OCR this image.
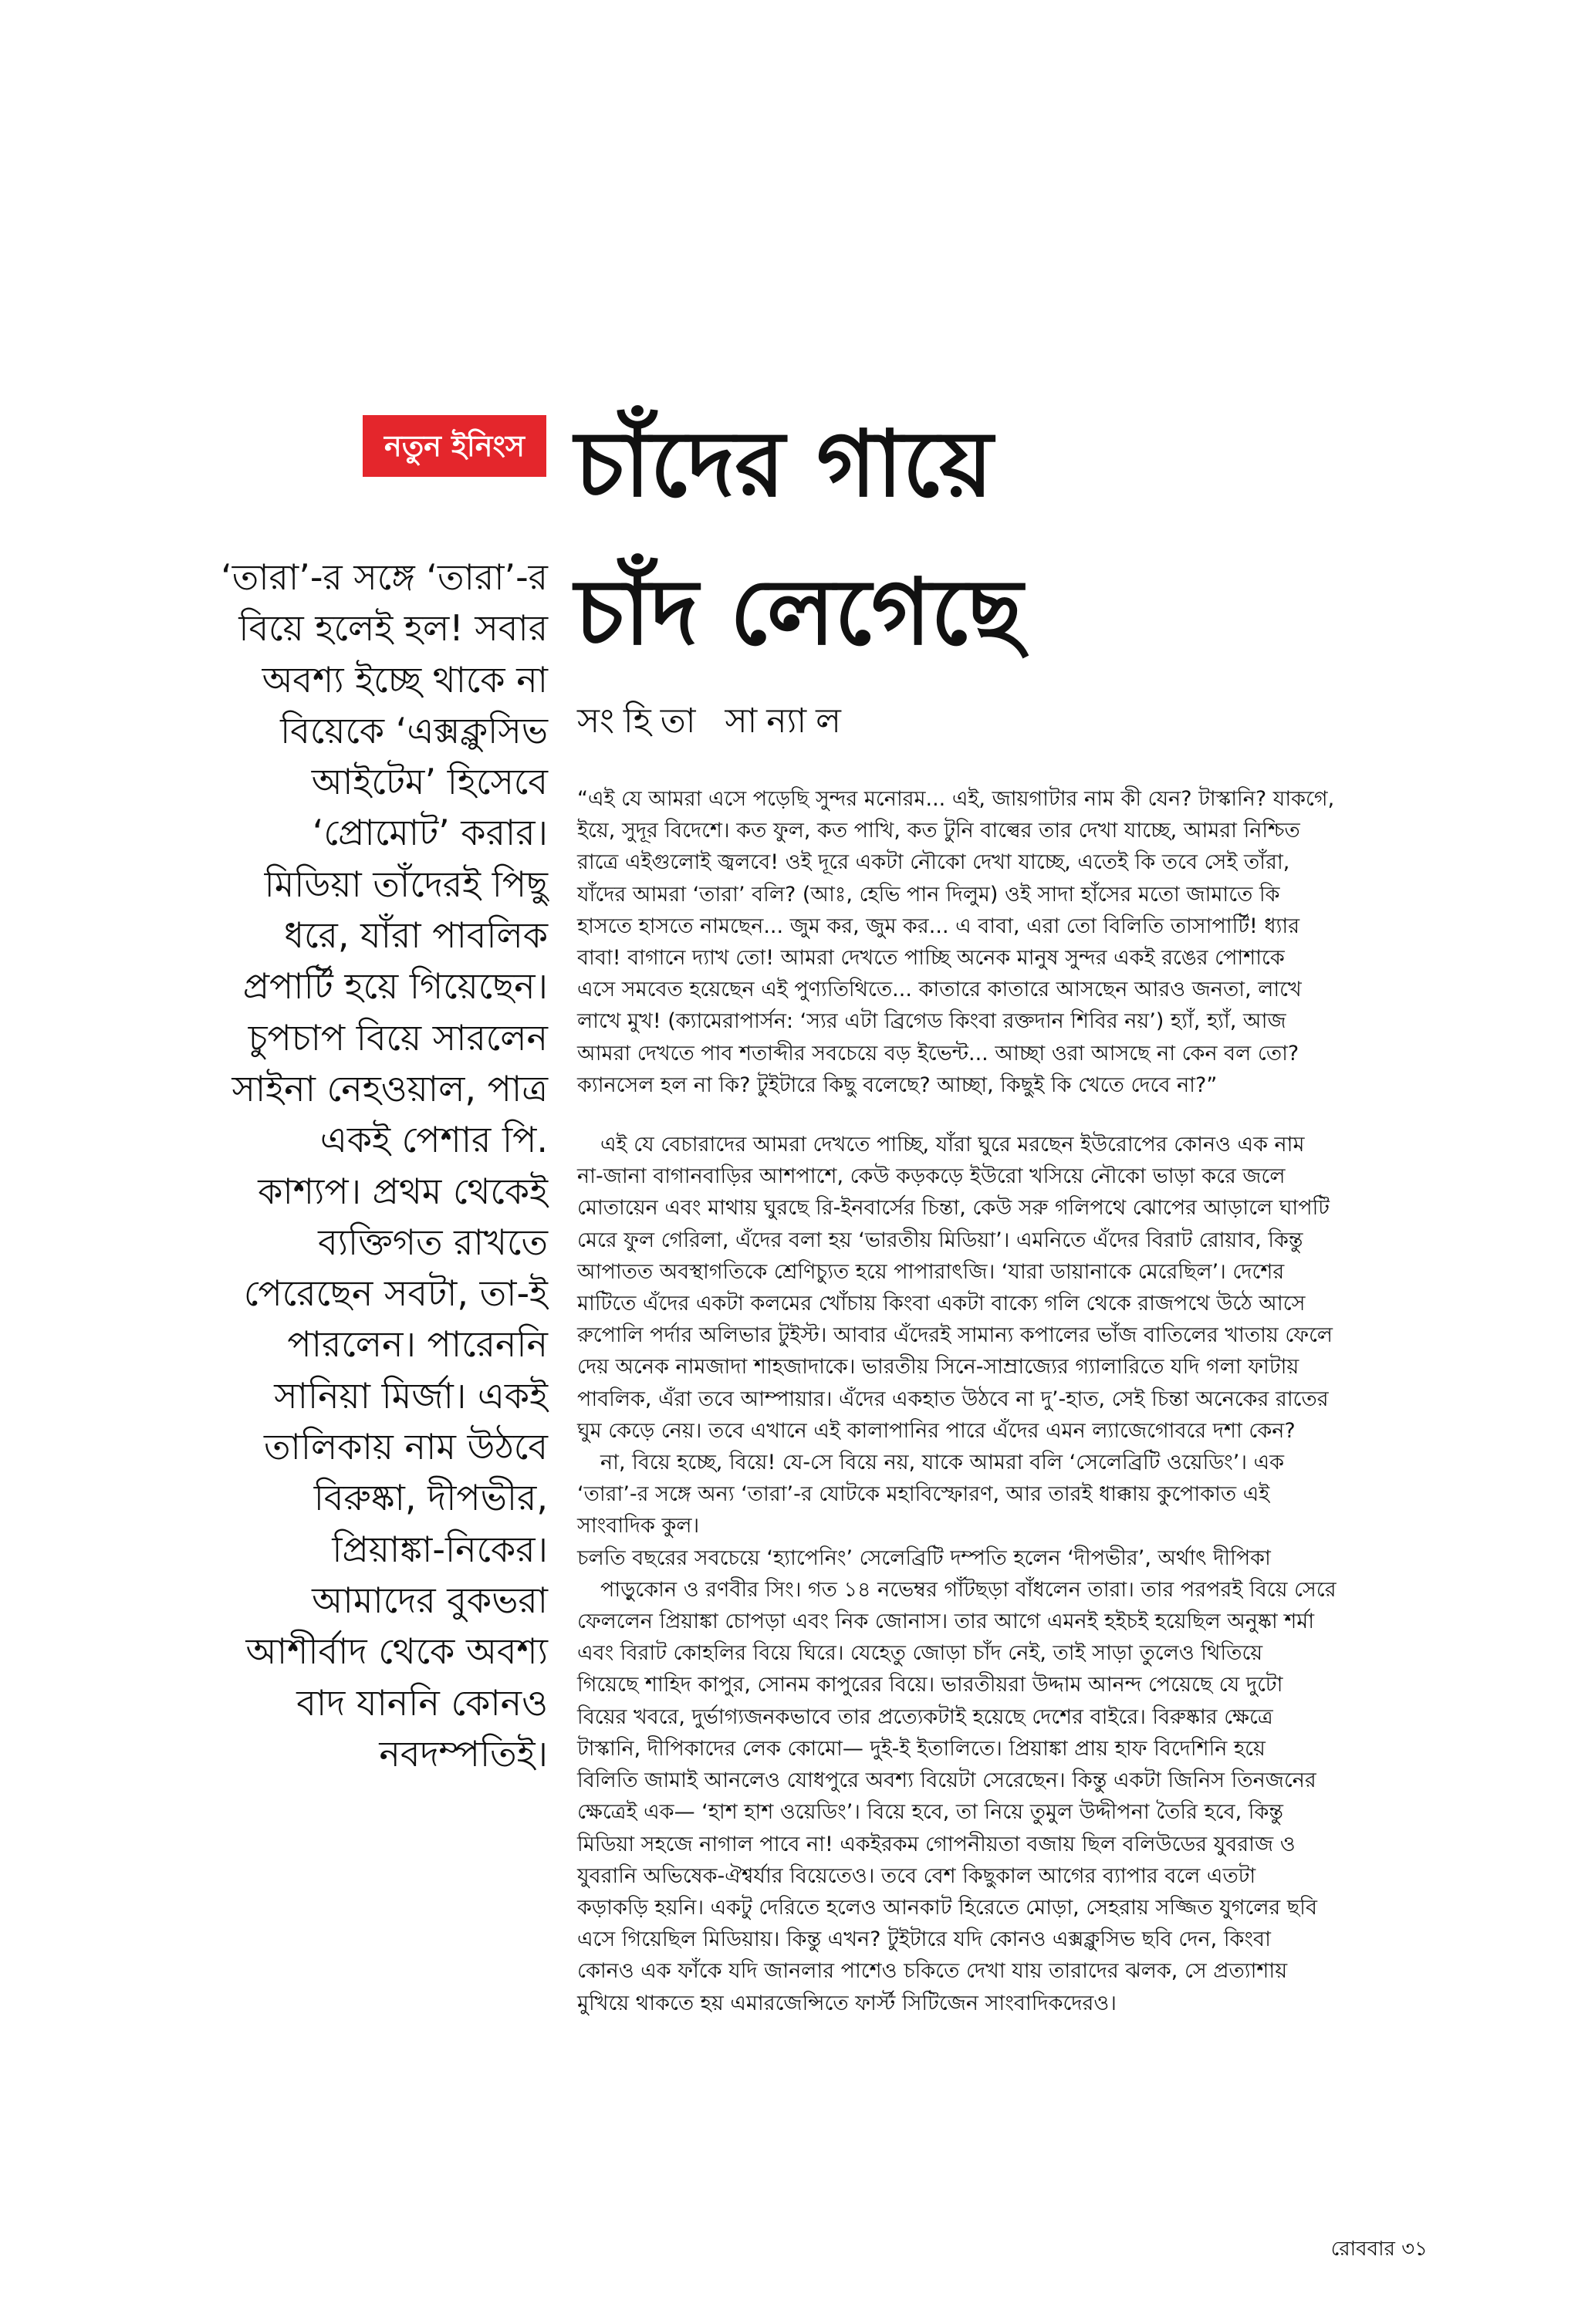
নতুন ইনিংস চাঁদের গায়ে
চাঁদ লেগেছে
সংহিতা সান্যাল
‘তারা’-র সঙ্গে ‘তারা’-র
বিয়ে হলেই হল! সবার
অবশ্য ইচ্ছে থাকে না
বিয়েকে ‘এক্সক্লুসিভ
আইটেম’ হিসেবে
‘প্রোমোট’ করার।
মিডিয়া তাঁদেরই পিছু
ধরে, যাঁরা পাবলিক
প্রপার্টি হয়ে গিয়েছেন।
চুপচাপ বিয়ে সারলেন
সাইনা নেহওয়াল, পাত্র
একই পেশার পি.
কাশ্যপ। প্রথম থেকেই
ব্যক্তিগত রাখতে
পেরেছেন সবটা, তা-ই
পারলেন। পারেননি
সানিয়া মির্জা। একই
তালিকায় নাম উঠবে
বিরুষ্কা, দীপভীর,
প্রিয়াঙ্কা-নিকের।
আমাদের বুকভরা
আশীর্বাদ থেকে অবশ্য
বাদ যাননি কোনও
নবদম্পতিই।
“এই যে আমরা এসে পড়েছি সুন্দর মনোরম... এই, জায়গাটার নাম কী যেন? টাস্কানি? যাকগে,
ইয়ে, সুদূর বিদেশে। কত ফুল, কত পাখি, কত টুনি বাল্বের তার দেখা যাচ্ছে, আমরা নিশ্চিত
রাত্রে এইগুলোই জ্বলবে! ওই দূরে একটা নৌকো দেখা যাচ্ছে, এতেই কি তবে সেই তাঁরা,
যাঁদের আমরা ‘তারা’ বলি? (আঃ, হেভি পান দিলুম) ওই সাদা হাঁসের মতো জামাতে কি
হাসতে হাসতে নামছেন... জুম কর, জুম কর... এ বাবা, এরা তো বিলিতি তাসাপার্টি! ধ্যার
বাবা! বাগানে দ্যাখ তো! আমরা দেখতে পাচ্ছি অনেক মানুষ সুন্দর একই রঙের পোশাকে
এসে সমবেত হয়েছেন এই পুণ্যতিথিতে... কাতারে কাতারে আসছেন আরও জনতা, লাখে
লাখে মুখ! (ক্যামেরাপার্সন: ‘স্যর এটা ব্রিগেড কিংবা রক্তদান শিবির নয়’) হ্যাঁ, হ্যাঁ, আজ
আমরা দেখতে পাব শতাব্দীর সবচেয়ে বড় ইভেন্ট... আচ্ছা ওরা আসছে না কেন বল তো?
ক্যানসেল হল না কি? টুইটারে কিছু বলেছে? আচ্ছা, কিছুই কি খেতে দেবে না?”
এই যে বেচারাদের আমরা দেখতে পাচ্ছি, যাঁরা ঘুরে মরছেন ইউরোপের কোনও এক নাম
না-জানা বাগানবাড়ির আশপাশে, কেউ কড়কড়ে ইউরো খসিয়ে নৌকো ভাড়া করে জলে
মোতায়েন এবং মাথায় ঘুরছে রি-ইনবার্সের চিন্তা, কেউ সরু গলিপথে ঝোপের আড়ালে ঘাপটি
মেরে ফুল গেরিলা, এঁদের বলা হয় ‘ভারতীয় মিডিয়া’। এমনিতে এঁদের বিরাট রোয়াব, কিন্তু
আপাতত অবস্থাগতিকে শ্রেণিচ্যুত হয়ে পাপারাৎজি। ‘যারা ডায়ানাকে মেরেছিল’। দেশের
মাটিতে এঁদের একটা কলমের খোঁচায় কিংবা একটা বাক্যে গলি থেকে রাজপথে উঠে আসে
রুপোলি পর্দার অলিভার টুইস্ট। আবার এঁদেরই সামান্য কপালের ভাঁজ বাতিলের খাতায় ফেলে
দেয় অনেক নামজাদা শাহজাদাকে। ভারতীয় সিনে-সাম্রাজ্যের গ্যালারিতে যদি গলা ফাটায়
পাবলিক, এঁরা তবে আম্পায়ার। এঁদের একহাত উঠবে না দু’-হাত, সেই চিন্তা অনেকের রাতের
ঘুম কেড়ে নেয়। তবে এখানে এই কালাপানির পারে এঁদের এমন ল্যাজেগোবরে দশা কেন?
না, বিয়ে হচ্ছে, বিয়ে! যে-সে বিয়ে নয়, যাকে আমরা বলি ‘সেলেব্রিটি ওয়েডিং’। এক
‘তারা’-র সঙ্গে অন্য ‘তারা’-র যোটকে মহাবিস্ফোরণ, আর তারই ধাক্কায় কুপোকাত এই
সাংবাদিক কুল।
চলতি বছরের সবচেয়ে ‘হ্যাপেনিং’ সেলেব্রিটি দম্পতি হলেন ‘দীপভীর’, অর্থাৎ দীপিকা
পাড়ুকোন ও রণবীর সিং। গত ১৪ নভেম্বর গাঁটছড়া বাঁধলেন তারা। তার পরপরই বিয়ে সেরে
ফেললেন প্রিয়াঙ্কা চোপড়া এবং নিক জোনাস। তার আগে এমনই হইচই হয়েছিল অনুষ্কা শর্মা
এবং বিরাট কোহলির বিয়ে ঘিরে। যেহেতু জোড়া চাঁদ নেই, তাই সাড়া তুলেও থিতিয়ে
গিয়েছে শাহিদ কাপুর, সোনম কাপুরের বিয়ে। ভারতীয়রা উদ্দাম আনন্দ পেয়েছে যে দুটো
বিয়ের খবরে, দুর্ভাগ্যজনকভাবে তার প্রত্যেকটাই হয়েছে দেশের বাইরে। বিরুষ্কার ক্ষেত্রে
টাস্কানি, দীপিকাদের লেক কোমো— দুই-ই ইতালিতে। প্রিয়াঙ্কা প্রায় হাফ বিদেশিনি হয়ে
বিলিতি জামাই আনলেও যোধপুরে অবশ্য বিয়েটা সেরেছেন। কিন্তু একটা জিনিস তিনজনের
ক্ষেত্রেই এক— ‘হাশ হাশ ওয়েডিং’। বিয়ে হবে, তা নিয়ে তুমুল উদ্দীপনা তৈরি হবে, কিন্তু
মিডিয়া সহজে নাগাল পাবে না! একইরকম গোপনীয়তা বজায় ছিল বলিউডের যুবরাজ ও
যুবরানি অভিষেক-ঐশ্বর্যার বিয়েতেও। তবে বেশ কিছুকাল আগের ব্যাপার বলে এতটা
কড়াকড়ি হয়নি। একটু দেরিতে হলেও আনকাট হিরেতে মোড়া, সেহরায় সজ্জিত যুগলের ছবি
এসে গিয়েছিল মিডিয়ায়। কিন্তু এখন? টুইটারে যদি কোনও এক্সক্লুসিভ ছবি দেন, কিংবা
কোনও এক ফাঁকে যদি জানলার পাশেও চকিতে দেখা যায় তারাদের ঝলক, সে প্রত্যাশায়
মুখিয়ে থাকতে হয় এমারজেন্সিতে ফার্স্ট সিটিজেন সাংবাদিকদেরও।
রোববার ৩১
